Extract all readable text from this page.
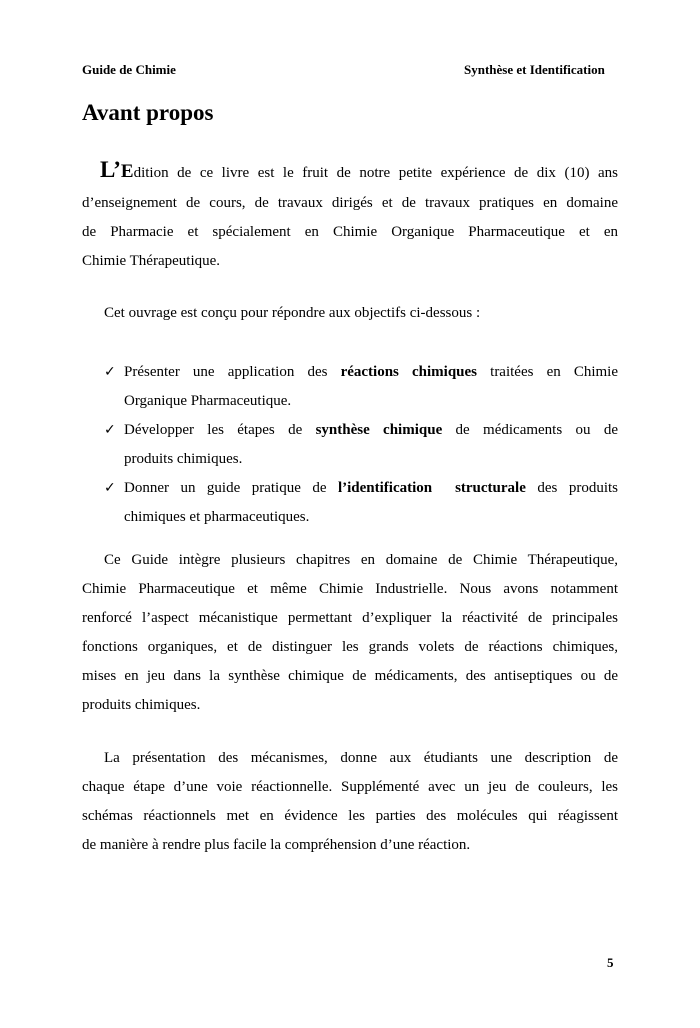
Guide de Chimie	Synthèse et Identification
Avant propos
L’Edition de ce livre est le fruit de notre petite expérience de dix (10) ans
d’enseignement de cours, de travaux dirigés et de travaux pratiques en domaine
de Pharmacie et spécialement en Chimie Organique Pharmaceutique et en
Chimie Thérapeutique.
Cet ouvrage est conçu pour répondre aux objectifs ci-dessous :
✓ Présenter une application des réactions chimiques traitées en Chimie
Organique Pharmaceutique.
✓ Développer les étapes de synthèse chimique de médicaments ou de
produits chimiques.
✓ Donner un guide pratique de l’identification  structurale des produits
chimiques et pharmaceutiques.
Ce Guide intègre plusieurs chapitres en domaine de Chimie Thérapeutique,
Chimie Pharmaceutique et même Chimie Industrielle. Nous avons notamment
renforcé l’aspect mécanistique permettant d’expliquer la réactivité de principales
fonctions organiques, et de distinguer les grands volets de réactions chimiques,
mises en jeu dans la synthèse chimique de médicaments, des antiseptiques ou de
produits chimiques.
La présentation des mécanismes, donne aux étudiants une description de
chaque étape d’une voie réactionnelle. Supplémenté avec un jeu de couleurs, les
schémas réactionnels met en évidence les parties des molécules qui réagissent
de manière à rendre plus facile la compréhension d’une réaction.
5
